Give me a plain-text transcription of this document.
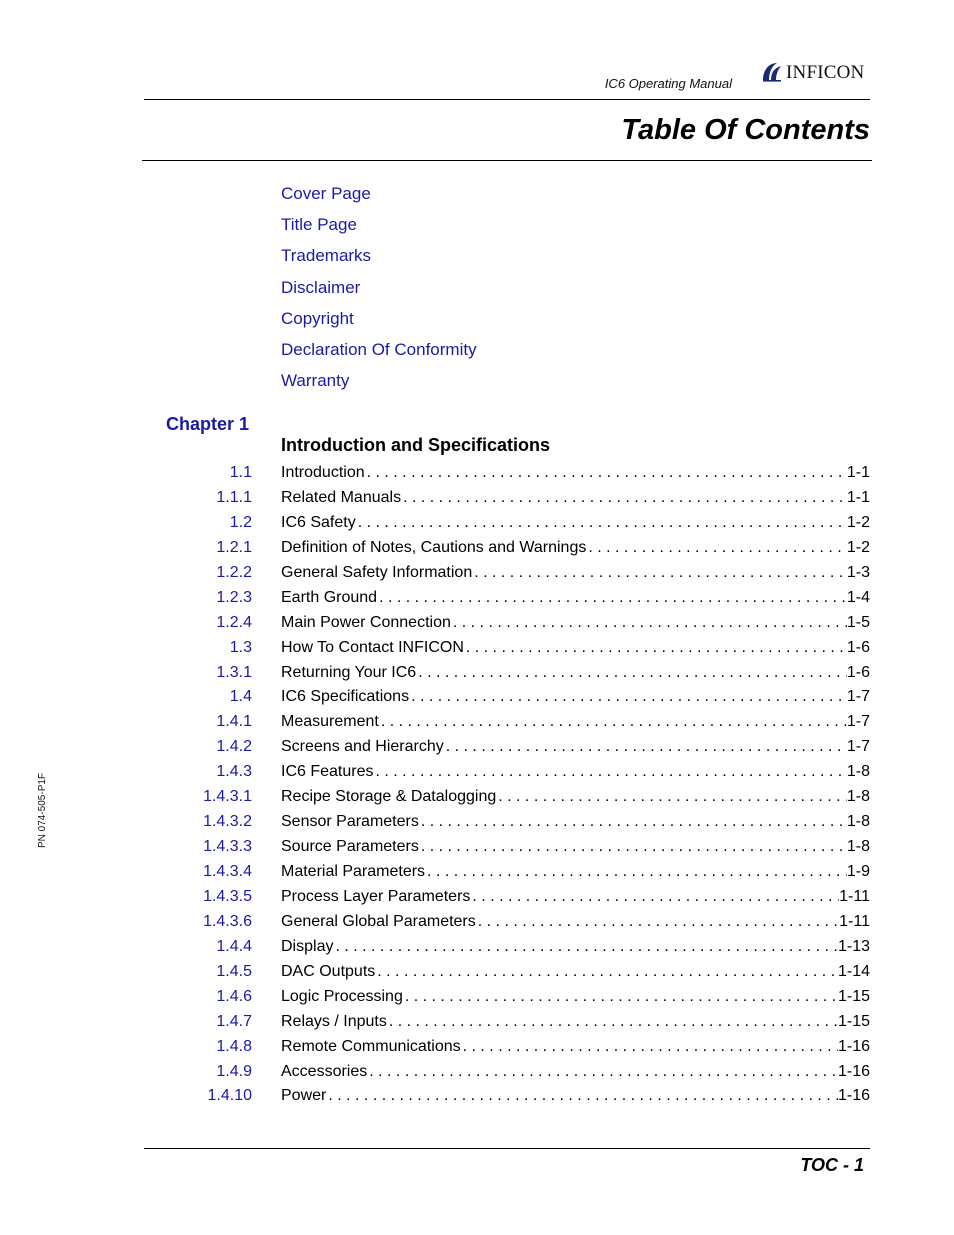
IC6 Operating Manual
INFICON
Table Of Contents
Cover Page
Title Page
Trademarks
Disclaimer
Copyright
Declaration Of Conformity
Warranty
Chapter 1
Introduction and Specifications
1.1 Introduction . . .	1-1
1.1.1 Related Manuals . . .	1-1
1.2 IC6 Safety . . .	1-2
1.2.1 Definition of Notes, Cautions and Warnings . . .	1-2
1.2.2 General Safety Information . . .	1-3
1.2.3 Earth Ground . . .	1-4
1.2.4 Main Power Connection . . .	1-5
1.3 How To Contact INFICON . . .	1-6
1.3.1 Returning Your IC6 . . .	1-6
1.4 IC6 Specifications . . .	1-7
1.4.1 Measurement . . .	1-7
1.4.2 Screens and Hierarchy . . .	1-7
1.4.3 IC6 Features . . .	1-8
1.4.3.1 Recipe Storage & Datalogging . . .	1-8
1.4.3.2 Sensor Parameters . . .	1-8
1.4.3.3 Source Parameters . . .	1-8
1.4.3.4 Material Parameters . . .	1-9
1.4.3.5 Process Layer Parameters . . .	1-11
1.4.3.6 General Global Parameters . . .	1-11
1.4.4 Display . . .	1-13
1.4.5 DAC Outputs . . .	1-14
1.4.6 Logic Processing . . .	1-15
1.4.7 Relays / Inputs . . .	1-15
1.4.8 Remote Communications . . .	1-16
1.4.9 Accessories . . .	1-16
1.4.10 Power . . .	1-16
PN 074-505-P1F
TOC - 1
